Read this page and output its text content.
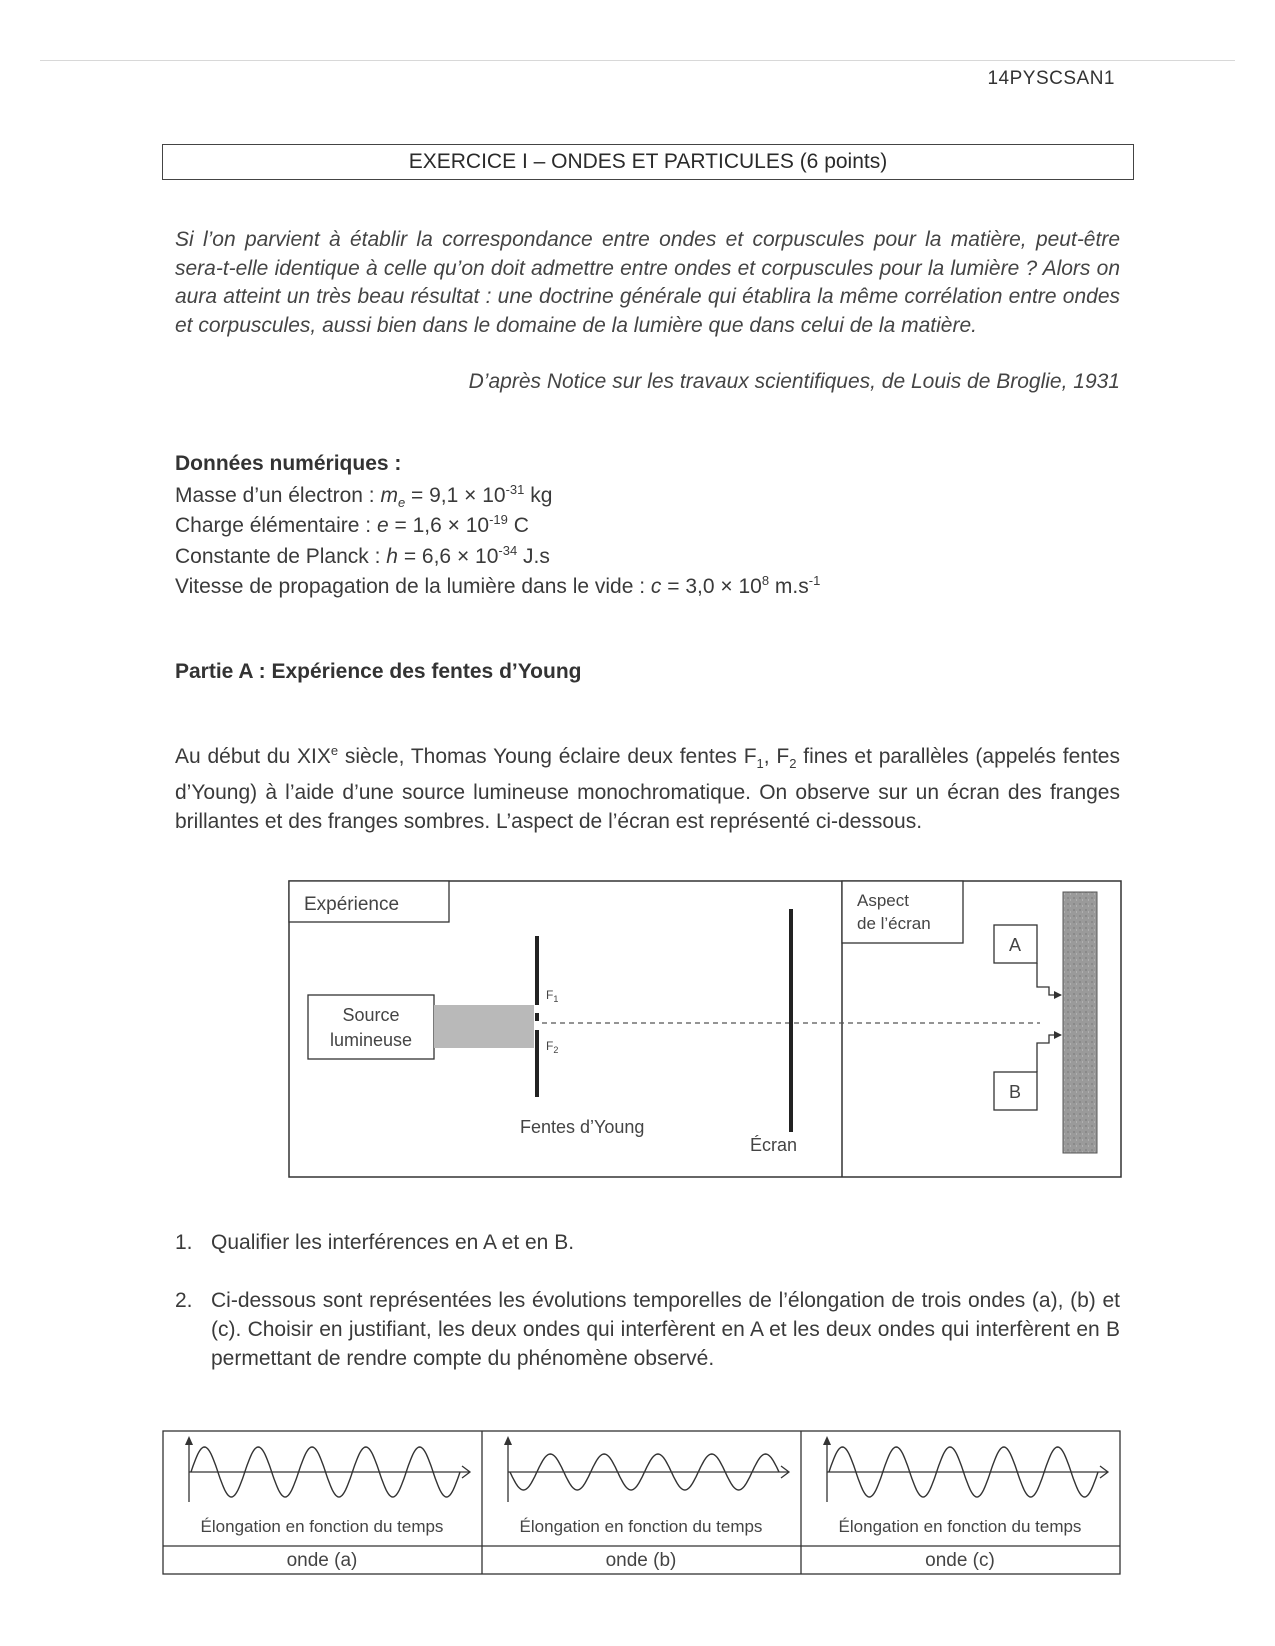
14PYSCSAN1
EXERCICE I – ONDES ET PARTICULES (6 points)
Si l’on parvient à établir la correspondance entre ondes et corpuscules pour la matière, peut-être sera-t-elle identique à celle qu’on doit admettre entre ondes et corpuscules pour la lumière ? Alors on aura atteint un très beau résultat : une doctrine générale qui établira la même corrélation entre ondes et corpuscules, aussi bien dans le domaine de la lumière que dans celui de la matière.
D’après Notice sur les travaux scientifiques, de Louis de Broglie, 1931
Données numériques :
Masse d’un électron : $m_e = 9,1 \times 10^{-31}$ kg
Charge élémentaire : $e = 1,6 \times 10^{-19}$ C
Constante de Planck : $h = 6,6 \times 10^{-34}$ J.s
Vitesse de propagation de la lumière dans le vide : $c = 3,0 \times 10^8$ $m.s^{-1}$
Partie A : Expérience des fentes d’Young
Au début du XIXe siècle, Thomas Young éclaire deux fentes $F_1$, $F_2$ fines et parallèles (appelés fentes d’Young) à l’aide d’une source lumineuse monochromatique. On observe sur un écran des franges brillantes et des franges sombres. L’aspect de l’écran est représenté ci-dessous.
Expérience
Source
lumineuse
$F_1$
$F_2$
Fentes d’Young
Écran
Aspect
de l’écran
A
B
1. Qualifier les interférences en A et en B.
2. Ci-dessous sont représentées les évolutions temporelles de l’élongation de trois ondes (a), (b) et (c). Choisir en justifiant, les deux ondes qui interfèrent en A et les deux ondes qui interfèrent en B permettant de rendre compte du phénomène observé.
Élongation en fonction du temps
onde (a)
Élongation en fonction du temps
onde (b)
Élongation en fonction du temps
onde (c)
